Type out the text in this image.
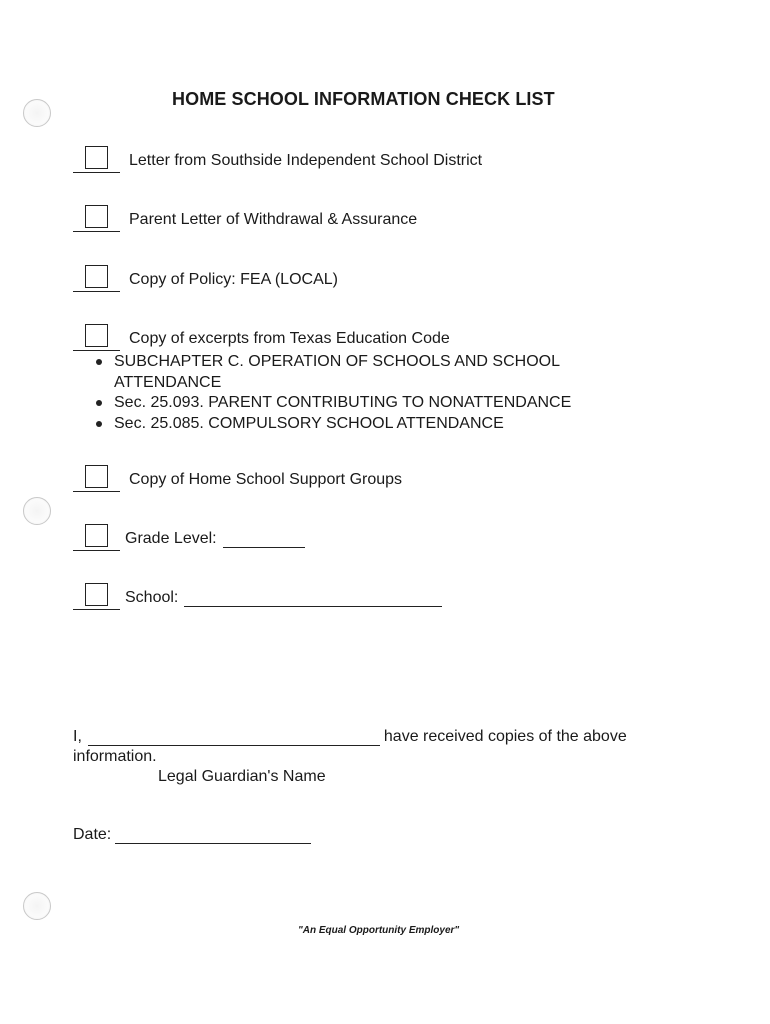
HOME SCHOOL INFORMATION CHECK LIST
Letter from Southside Independent School District
Parent Letter of Withdrawal & Assurance
Copy of Policy: FEA (LOCAL)
Copy of excerpts from Texas Education Code
SUBCHAPTER C. OPERATION OF SCHOOLS AND SCHOOL ATTENDANCE
Sec. 25.093. PARENT CONTRIBUTING TO NONATTENDANCE
Sec. 25.085. COMPULSORY SCHOOL ATTENDANCE
Copy of Home School Support Groups
Grade Level:
School:
I,	have received copies of the above
information.
Legal Guardian's Name
Date:
"An Equal Opportunity Employer"
